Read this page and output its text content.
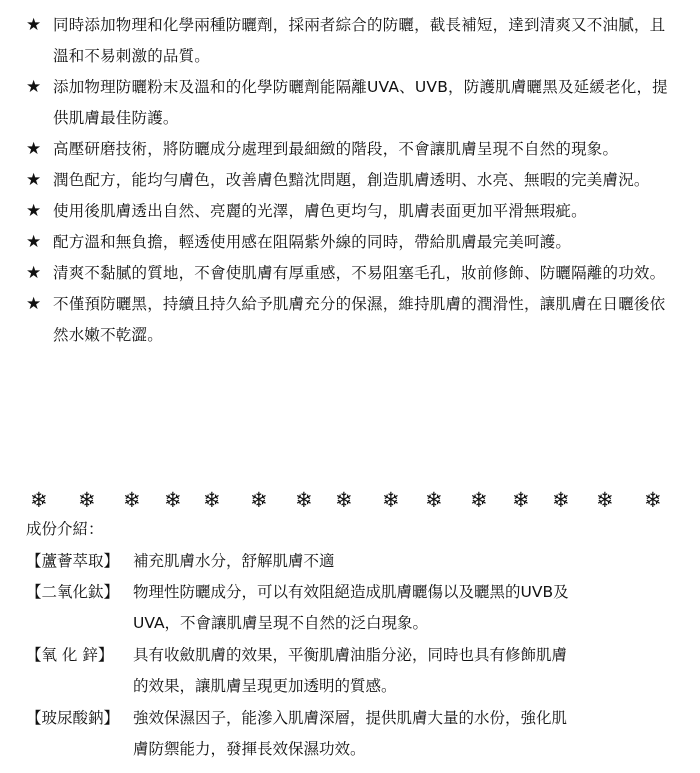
★ 同時添加物理和化學兩種防曬劑，採兩者綜合的防曬，截長補短，達到清爽又不油膩，且溫和不易刺激的品質。
★ 添加物理防曬粉末及溫和的化學防曬劑能隔離UVA、UVB，防護肌膚曬黑及延緩老化，提供肌膚最佳防護。
★ 高壓研磨技術，將防曬成分處理到最細緻的階段，不會讓肌膚呈現不自然的現象。
★ 潤色配方，能均勻膚色，改善膚色黯沈問題，創造肌膚透明、水亮、無暇的完美膚況。
★ 使用後肌膚透出自然、亮麗的光澤，膚色更均勻，肌膚表面更加平滑無瑕疵。
★ 配方溫和無負擔，輕透使用感在阻隔紫外線的同時，帶給肌膚最完美呵護。
★ 清爽不黏膩的質地，不會使肌膚有厚重感，不易阻塞毛孔，妝前修飾、防曬隔離的功效。
★ 不僅預防曬黑，持續且持久給予肌膚充分的保濕，維持肌膚的潤滑性，讓肌膚在日曬後依然水嫩不乾澀。
❄ ❄ ❄ ❄ ❄ ❄ ❄ ❄ ❄ ❄ ❄ ❄ ❄ ❄ ❄
成份介紹：
【蘆薈萃取】 補充肌膚水分，舒解肌膚不適
【二氧化鈦】 物理性防曬成分，可以有效阻絕造成肌膚曬傷以及曬黑的UVB及UVA，不會讓肌膚呈現不自然的泛白現象。
【氧 化 鋅】 具有收斂肌膚的效果，平衡肌膚油脂分泌，同時也具有修飾肌膚的效果，讓肌膚呈現更加透明的質感。
【玻尿酸鈉】 強效保濕因子，能滲入肌膚深層，提供肌膚大量的水份，強化肌膚防禦能力，發揮長效保濕功效。
